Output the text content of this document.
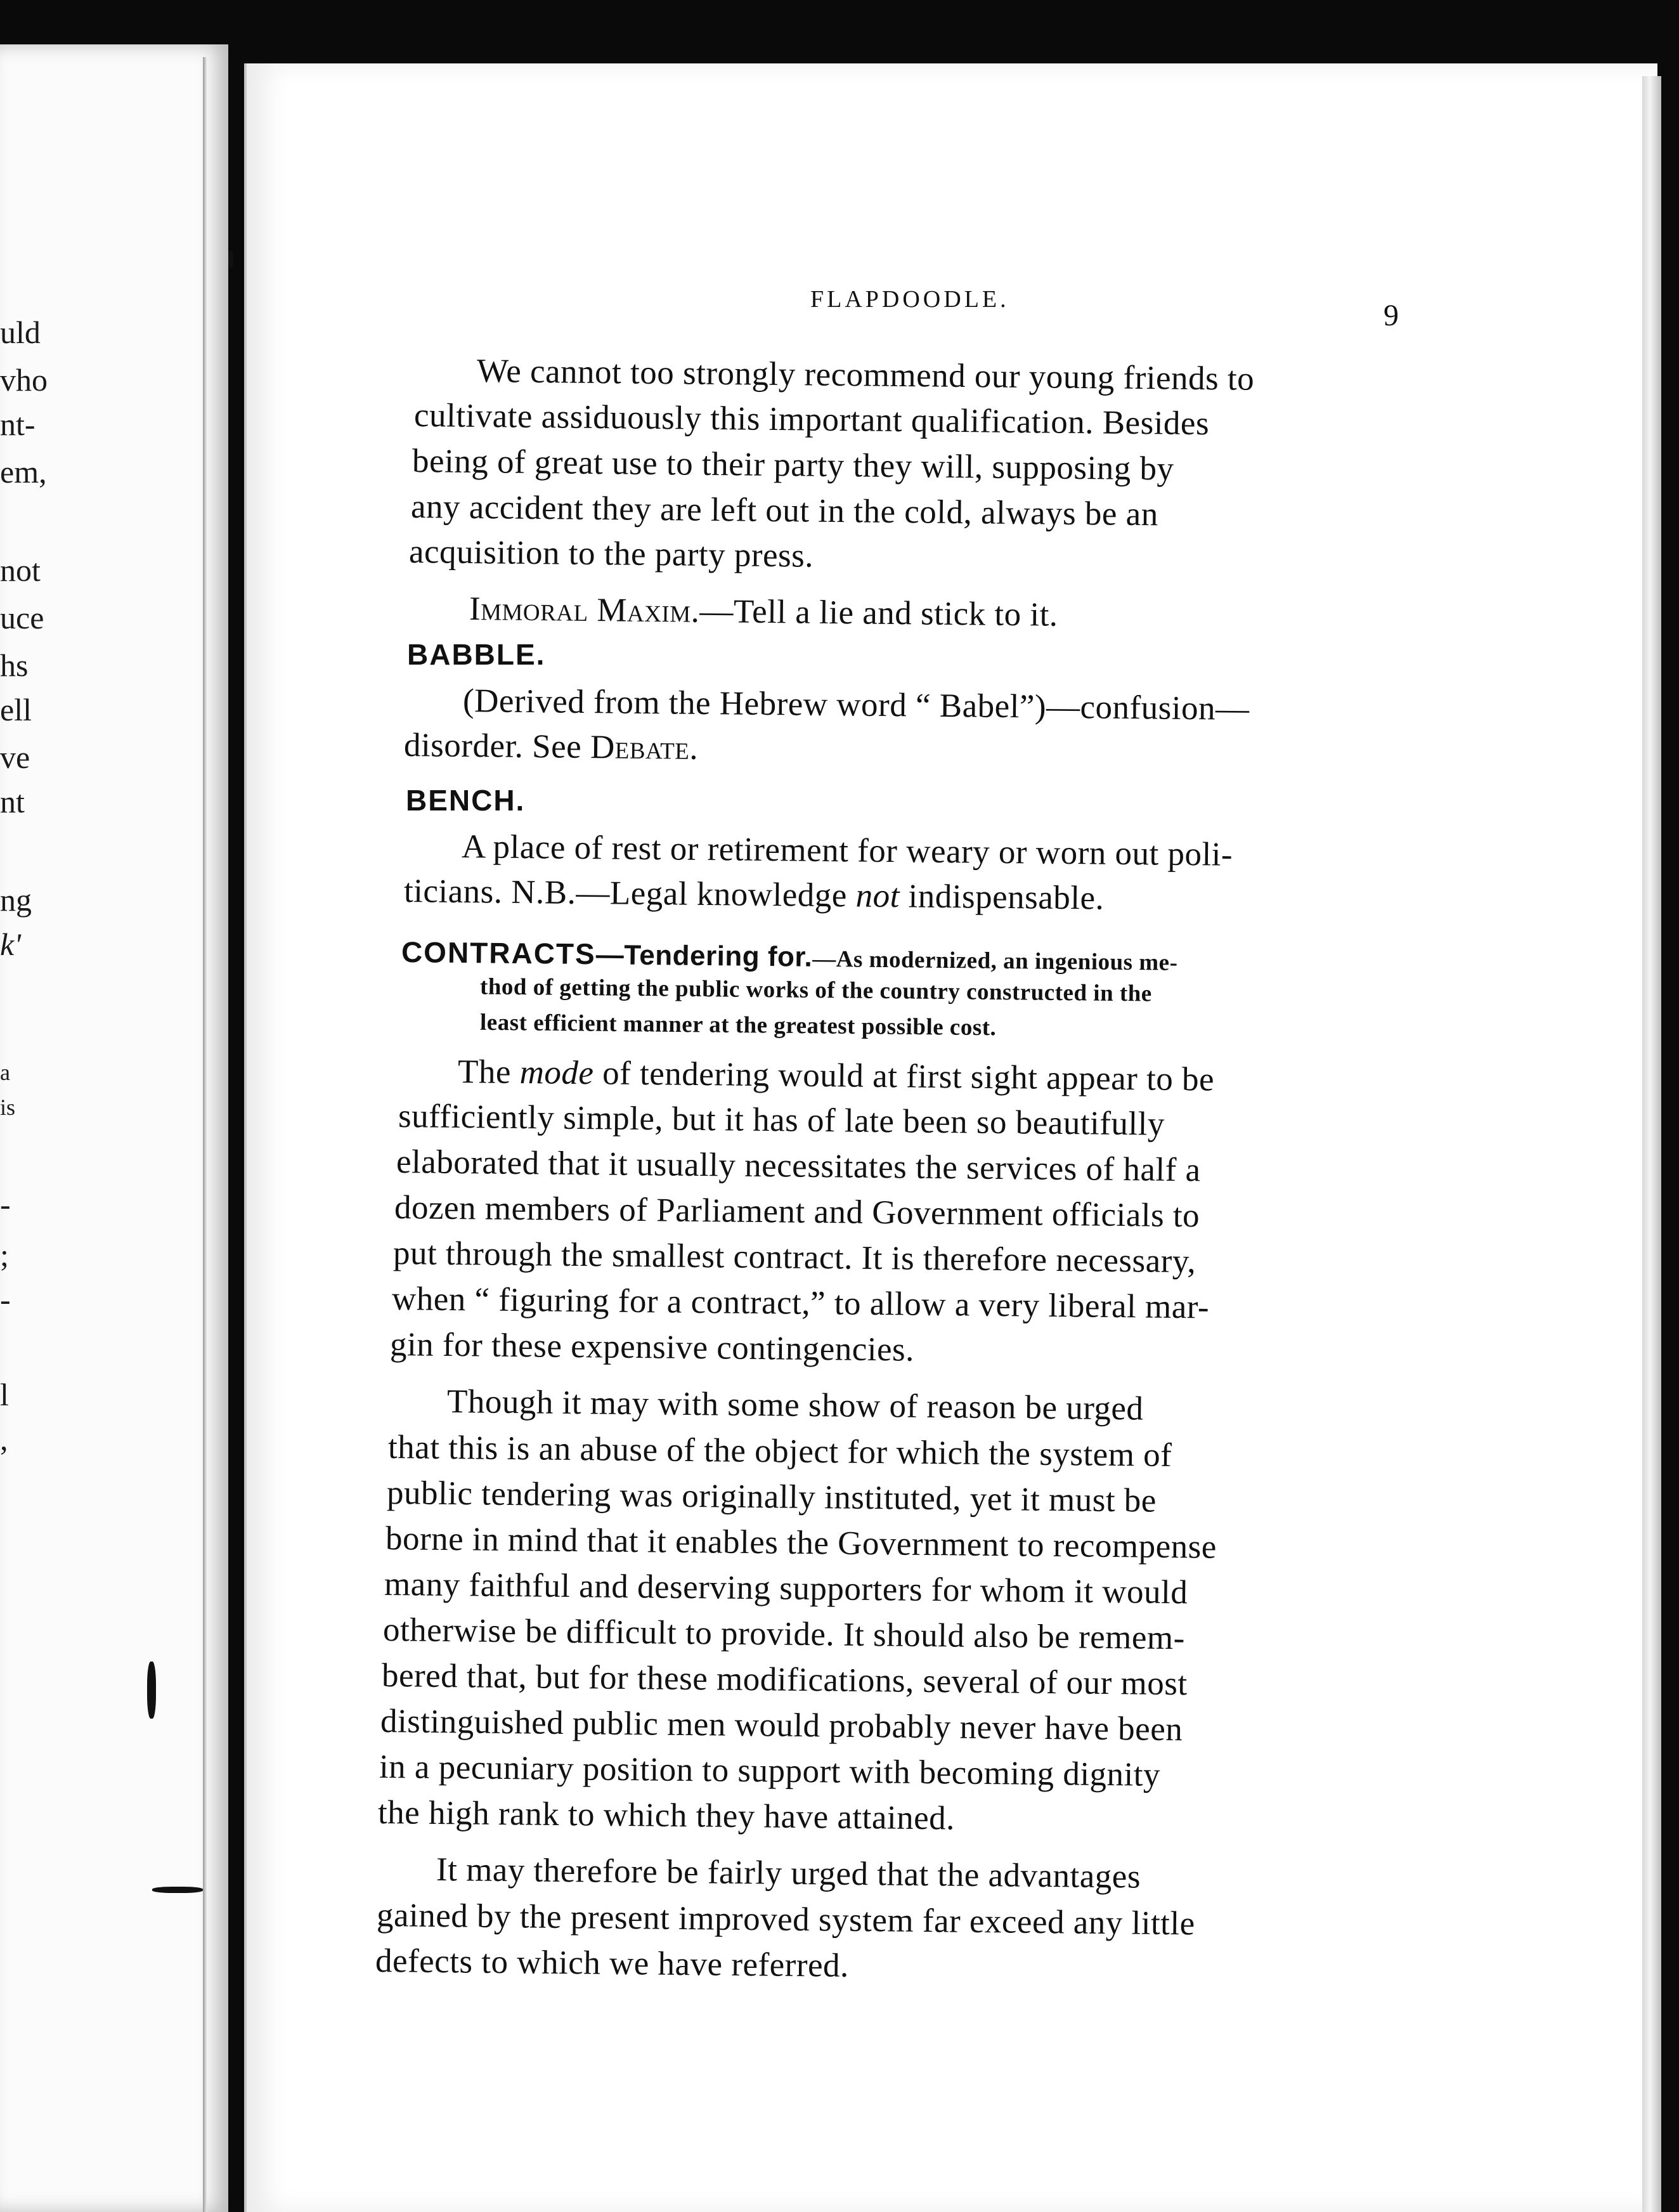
uld
vho
nt-
em,
not
uce
hs
ell
ve
nt
ng
k'
a
is
-
;
-
l
,
FLAPDOODLE.	9
We cannot too strongly recommend our young friends to
cultivate assiduously this important qualification. Besides
being of great use to their party they will, supposing by
any accident they are left out in the cold, always be an
acquisition to the party press.
Immoral Maxim.—Tell a lie and stick to it.
BABBLE.
(Derived from the Hebrew word “ Babel”)—confusion—
disorder. See Debate.
BENCH.
A place of rest or retirement for weary or worn out poli-
ticians. N.B.—Legal knowledge not indispensable.
CONTRACTS—Tendering for.—As modernized, an ingenious me-
thod of getting the public works of the country constructed in the
least efficient manner at the greatest possible cost.
The mode of tendering would at first sight appear to be
sufficiently simple, but it has of late been so beautifully
elaborated that it usually necessitates the services of half a
dozen members of Parliament and Government officials to
put through the smallest contract. It is therefore necessary,
when “ figuring for a contract,” to allow a very liberal mar-
gin for these expensive contingencies.
Though it may with some show of reason be urged
that this is an abuse of the object for which the system of
public tendering was originally instituted, yet it must be
borne in mind that it enables the Government to recompense
many faithful and deserving supporters for whom it would
otherwise be difficult to provide. It should also be remem-
bered that, but for these modifications, several of our most
distinguished public men would probably never have been
in a pecuniary position to support with becoming dignity
the high rank to which they have attained.
It may therefore be fairly urged that the advantages
gained by the present improved system far exceed any little
defects to which we have referred.
